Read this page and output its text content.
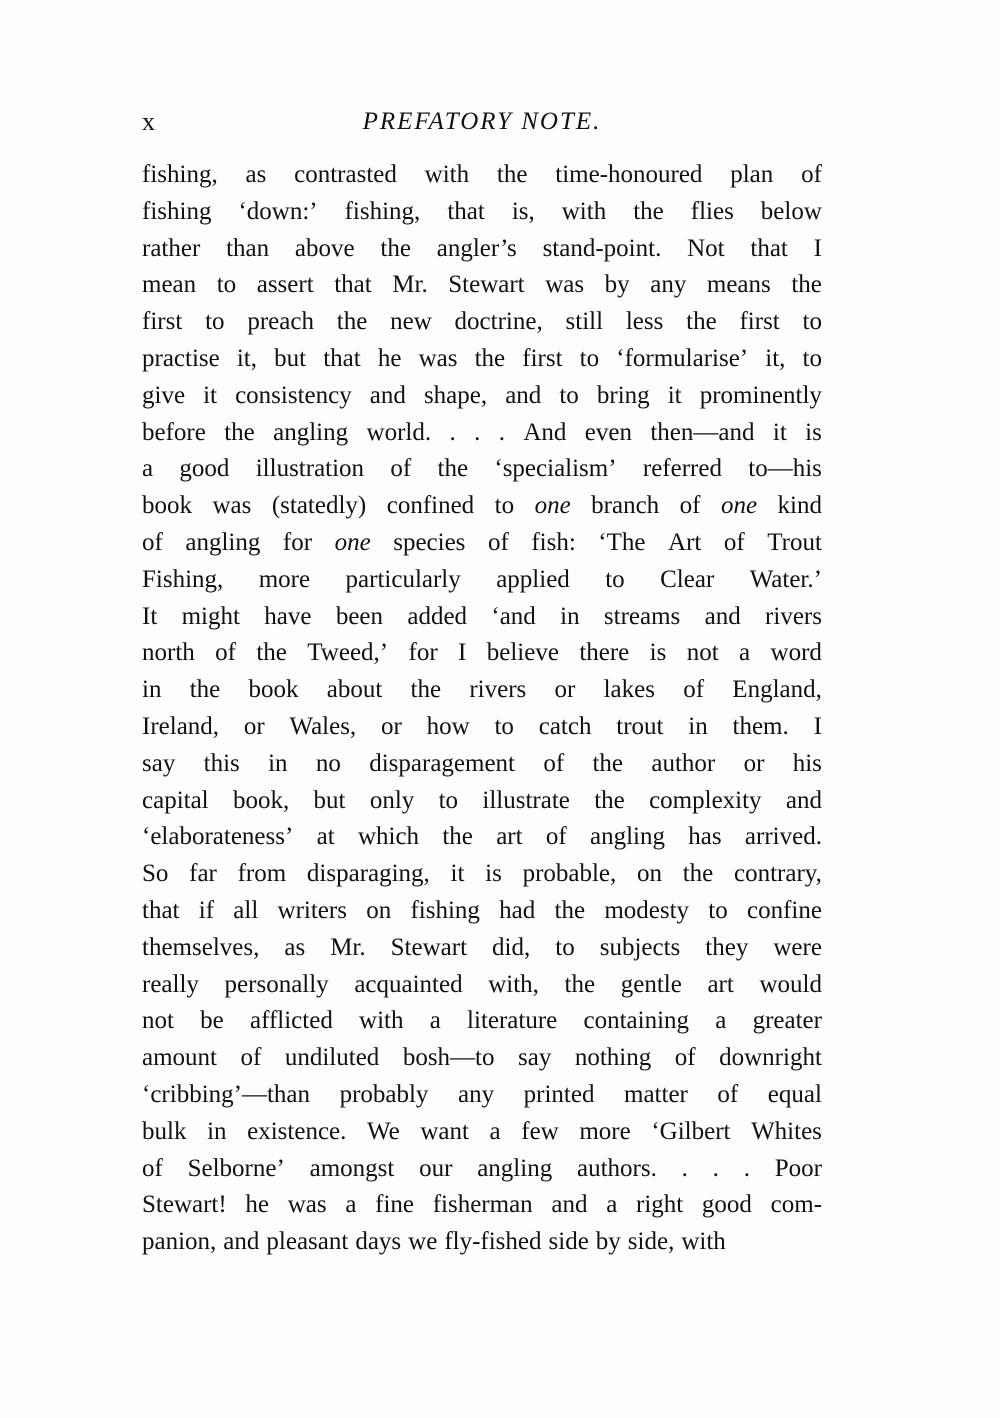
x	PREFATORY NOTE.
fishing, as contrasted with the time-honoured plan of
fishing ‘down:’ fishing, that is, with the flies below
rather than above the angler’s stand-point. Not that I
mean to assert that Mr. Stewart was by any means the
first to preach the new doctrine, still less the first to
practise it, but that he was the first to ‘formularise’ it, to
give it consistency and shape, and to bring it prominently
before the angling world. . . . And even then—and it is
a good illustration of the ‘specialism’ referred to—his
book was (statedly) confined to one branch of one kind
of angling for one species of fish: ‘The Art of Trout
Fishing, more particularly applied to Clear Water.’
It might have been added ‘and in streams and rivers
north of the Tweed,’ for I believe there is not a word
in the book about the rivers or lakes of England,
Ireland, or Wales, or how to catch trout in them. I
say this in no disparagement of the author or his
capital book, but only to illustrate the complexity and
‘elaborateness’ at which the art of angling has arrived.
So far from disparaging, it is probable, on the contrary,
that if all writers on fishing had the modesty to confine
themselves, as Mr. Stewart did, to subjects they were
really personally acquainted with, the gentle art would
not be afflicted with a literature containing a greater
amount of undiluted bosh—to say nothing of downright
‘cribbing’—than probably any printed matter of equal
bulk in existence. We want a few more ‘Gilbert Whites
of Selborne’ amongst our angling authors. . . . Poor
Stewart! he was a fine fisherman and a right good com-
panion, and pleasant days we fly-fished side by side, with
